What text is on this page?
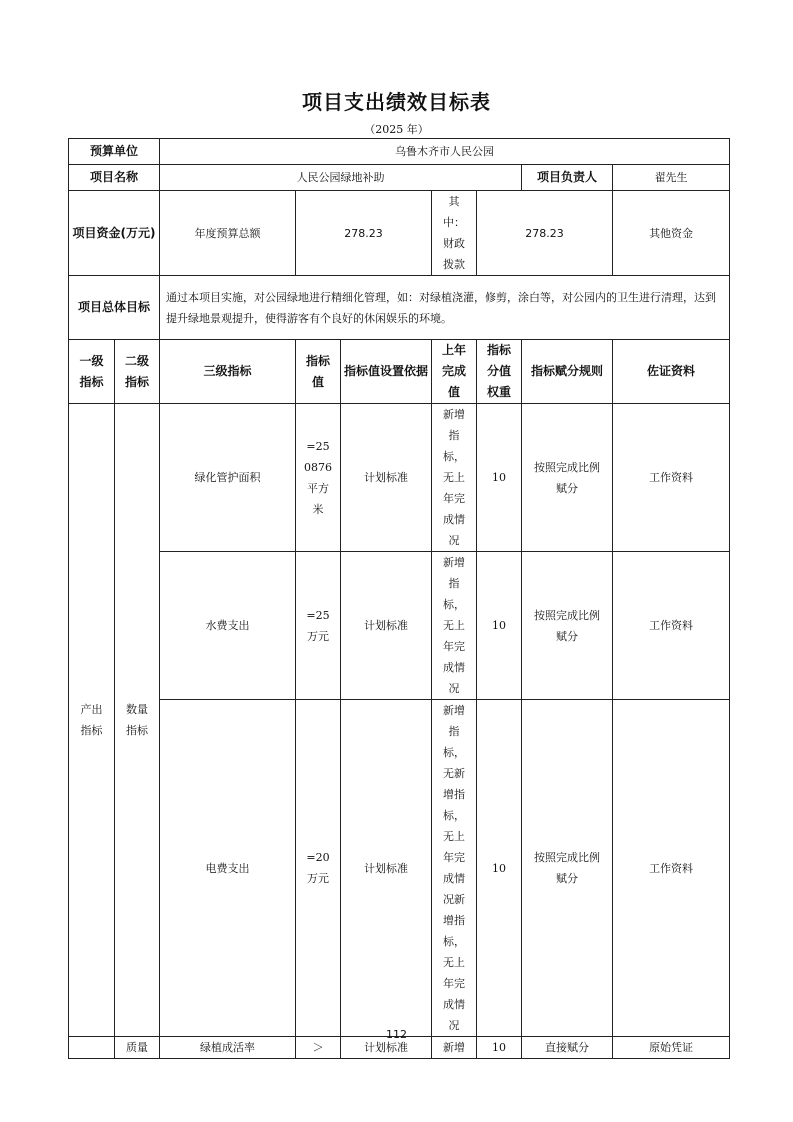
项目支出绩效目标表
（2025 年）
预算单位		乌鲁木齐市人民公园							
项目名称		人民公园绿地补助					项目负责人	翟先生	
项目资金(万元)		年度预算总额	278.23		其中：财政拨款	278.23		其他资金	
项目总体目标		通过本项目实施，对公园绿地进行精细化管理，如：对绿植浇灌，修剪，涂白等，对公园内的卫生进行清理，达到提升绿地景观提升，使得游客有个良好的休闲娱乐的环境。							
一级指标	二级指标	三级指标	指标值	指标值设置依据	上年完成值	指标分值权重	指标赋分规则	佐证资料	
产出指标	数量指标	绿化管护面积	=250876 平方米	计划标准	新增指标，无上年完成情况	10	按照完成比例赋分	工作资料	
		水费支出	=25 万元	计划标准	新增指标，无上年完成情况	10	按照完成比例赋分	工作资料	
		电费支出	=20 万元	计划标准	新增指标，无新增指标，无上年完成情况新增指标，无上年完成情况	10	按照完成比例赋分	工作资料	
	质量	绿植成活率	＞	计划标准	新增	10	直接赋分	原始凭证	
112
